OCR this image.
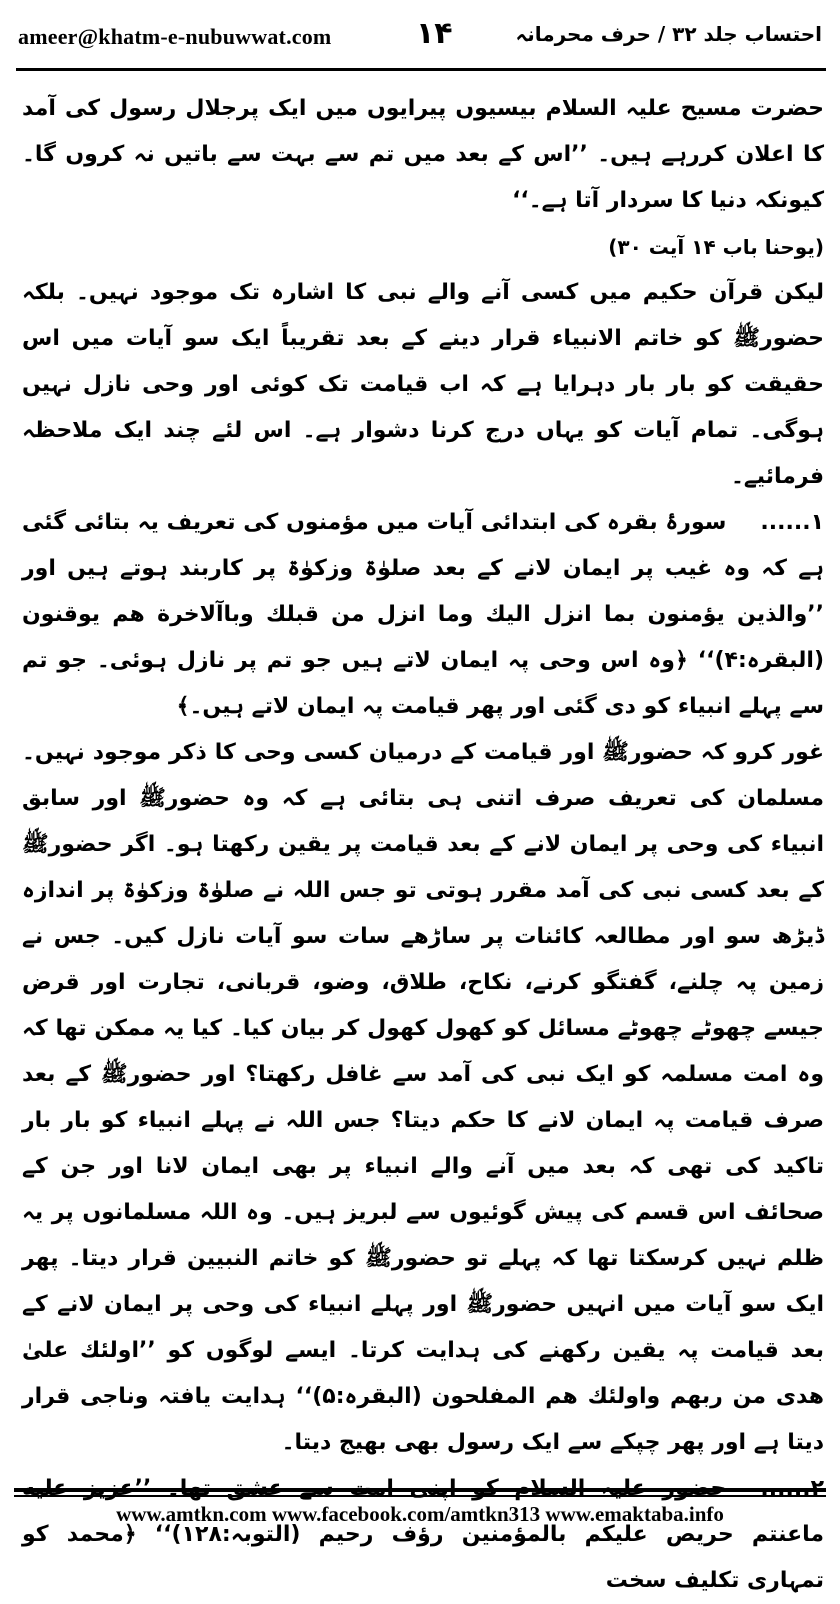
ameer@khatm-e-nubuwwat.com	۱۴	احتساب جلد ۳۲ / حرف محرمانہ

حضرت مسیح علیہ السلام بیسیوں پیرایوں میں ایک پرجلال رسول کی آمد کا اعلان کررہے ہیں۔ ’’اس کے بعد میں تم سے بہت سے باتیں نہ کروں گا۔ کیونکہ دنیا کا سردار آتا ہے۔‘‘

(یوحنا باب ۱۴ آیت ۳۰)

لیکن قرآن حکیم میں کسی آنے والے نبی کا اشارہ تک موجود نہیں۔ بلکہ حضورﷺ کو خاتم الانبیاء قرار دینے کے بعد تقریباً ایک سو آیات میں اس حقیقت کو بار بار دہرایا ہے کہ اب قیامت تک کوئی اور وحی نازل نہیں ہوگی۔ تمام آیات کو یہاں درج کرنا دشوار ہے۔ اس لئے چند ایک ملاحظہ فرمائیے۔

۱......سورۂ بقرہ کی ابتدائی آیات میں مؤمنوں کی تعریف یہ بتائی گئی ہے کہ وہ غیب پر ایمان لانے کے بعد صلوٰۃ وزکوٰۃ پر کاربند ہوتے ہیں اور ’’والذین یؤمنون بما انزل الیك وما انزل من قبلك وباآلاخرة هم یوقنون (البقرہ:۴)‘‘ ﴿وہ اس وحی پہ ایمان لاتے ہیں جو تم پر نازل ہوئی۔ جو تم سے پہلے انبیاء کو دی گئی اور پھر قیامت پہ ایمان لاتے ہیں۔﴾

غور کرو کہ حضورﷺ اور قیامت کے درمیان کسی وحی کا ذکر موجود نہیں۔ مسلمان کی تعریف صرف اتنی ہی بتائی ہے کہ وہ حضورﷺ اور سابق انبیاء کی وحی پر ایمان لانے کے بعد قیامت پر یقین رکھتا ہو۔ اگر حضورﷺ کے بعد کسی نبی کی آمد مقرر ہوتی تو جس اللہ نے صلوٰۃ وزکوٰۃ پر اندازہ ڈیڑھ سو اور مطالعہ کائنات پر ساڑھے سات سو آیات نازل کیں۔ جس نے زمین پہ چلنے، گفتگو کرنے، نکاح، طلاق، وضو، قربانی، تجارت اور قرض جیسے چھوٹے چھوٹے مسائل کو کھول کھول کر بیان کیا۔ کیا یہ ممکن تھا کہ وہ امت مسلمہ کو ایک نبی کی آمد سے غافل رکھتا؟ اور حضورﷺ کے بعد صرف قیامت پہ ایمان لانے کا حکم دیتا؟ جس اللہ نے پہلے انبیاء کو بار بار تاکید کی تھی کہ بعد میں آنے والے انبیاء پر بھی ایمان لانا اور جن کے صحائف اس قسم کی پیش گوئیوں سے لبریز ہیں۔ وہ اللہ مسلمانوں پر یہ ظلم نہیں کرسکتا تھا کہ پہلے تو حضورﷺ کو خاتم النبیین قرار دیتا۔ پھر ایک سو آیات میں انہیں حضورﷺ اور پہلے انبیاء کی وحی پر ایمان لانے کے بعد قیامت پہ یقین رکھنے کی ہدایت کرتا۔ ایسے لوگوں کو ’’اولئك علیٰ هدی من ربهم واولئك هم المفلحون (البقرہ:۵)‘‘ ہدایت یافتہ وناجی قرار دیتا ہے اور پھر چپکے سے ایک رسول بھی بھیج دیتا۔

ماعنتم حریص علیكم بالمؤمنین رؤف رحیم (التوبہ:۱۲۸)‘‘ ﴿محمد کو تمہاری تکلیف سخت

www.amtkn.com www.facebook.com/amtkn313 www.emaktaba.info
